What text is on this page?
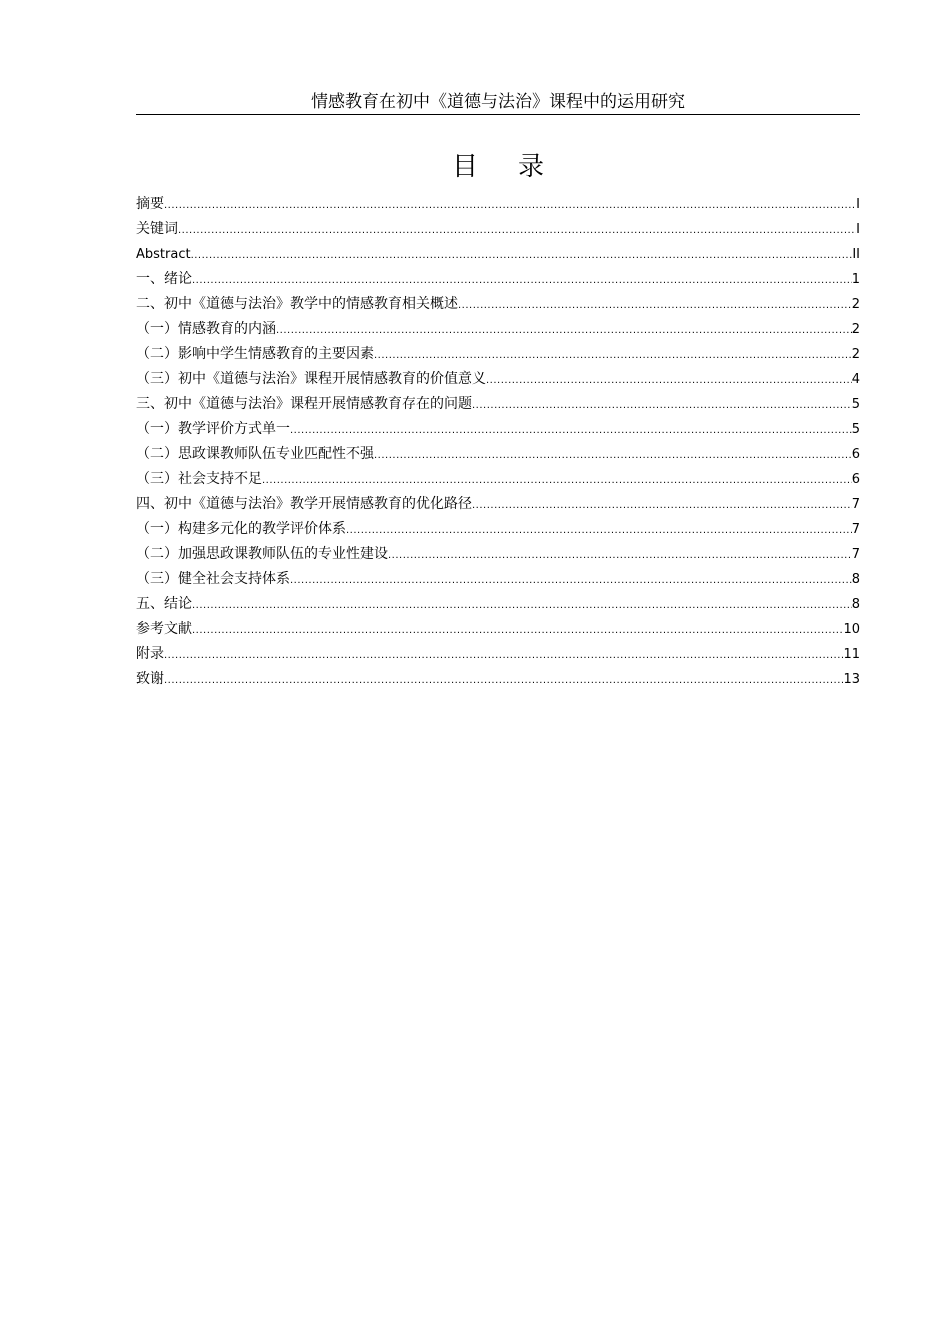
情感教育在初中《道德与法治》课程中的运用研究
目录
摘要 .....	I
关键词 .....	I
Abstract .....	II
一、绪论 .....	1
二、初中《道德与法治》教学中的情感教育相关概述 .....	2
（一）情感教育的内涵 .....	2
（二）影响中学生情感教育的主要因素 .....	2
（三）初中《道德与法治》课程开展情感教育的价值意义 .....	4
三、初中《道德与法治》课程开展情感教育存在的问题 .....	5
（一）教学评价方式单一 .....	5
（二）思政课教师队伍专业匹配性不强 .....	6
（三）社会支持不足 .....	6
四、初中《道德与法治》教学开展情感教育的优化路径 .....	7
（一）构建多元化的教学评价体系 .....	7
（二）加强思政课教师队伍的专业性建设 .....	7
（三）健全社会支持体系 .....	8
五、结论 .....	8
参考文献 .....	10
附录 .....	11
致谢 .....	13
